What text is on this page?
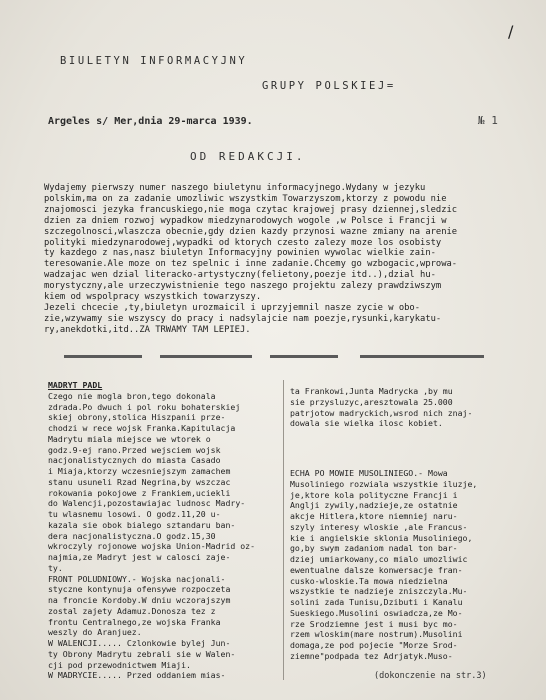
/
BIULETYN INFORMACYJNY
GRUPY POLSKIEJ=
Argeles s/ Mer,dnia 29-marca 1939.	№ 1
OD REDAKCJI.
Wydajemy pierwszy numer naszego biuletynu informacyjnego.Wydany w jezyku
polskim,ma on za zadanie umozliwic wszystkim Towarzyszom,ktorzy z powodu nie
znajomosci jezyka francuskiego,nie moga czytac krajowej prasy dziennej,sledzic
dzien za dniem rozwoj wypadkow miedzynarodowych wogole ,w Polsce i Francji w
szczegolnosci,wlaszcza obecnie,gdy dzien kazdy przynosi wazne zmiany na arenie
polityki miedzynarodowej,wypadki od ktorych czesto zalezy moze los osobisty
ty kazdego z nas,nasz biuletyn Informacyjny powinien wywolac wielkie zain-
teresowanie.Ale moze on tez spelnic i inne zadanie.Chcemy go wzbogacic,wprowa-
wadzajac wen dzial literacko-artystyczny(felietony,poezje itd..),dzial hu-
morystyczny,ale urzeczywistnienie tego naszego projektu zalezy prawdziwszym
kiem od wspolpracy wszystkich towarzyszy.
Jezeli chcecie ,ty,biuletyn urozmaicil i uprzyjemnil nasze zycie w obo-
zie,wzywamy sie wszyscy do pracy i nadsylajcie nam poezje,rysunki,karykatu-
ry,anekdotki,itd..ZA TRWAMY TAM LEPIEJ.
MADRYT PADL
Czego nie mogla bron,tego dokonala
zdrada.Po dwuch i pol roku bohaterskiej
skiej obrony,stolica Hiszpanii prze-
chodzi w rece wojsk Franka.Kapitulacja
Madrytu miala miejsce we wtorek o
godz.9-ej rano.Przed wejsciem wojsk
nacjonalistycznych do miasta Casado
i Miaja,ktorzy wczesniejszym zamachem
stanu usuneli Rzad Negrina,by wszczac
rokowania pokojowe z Frankiem,uciekli
do Walencji,pozostawiajac ludnosc Madry-
tu wlasnemu losowi. O godz.11,20 u-
kazala sie obok bialego sztandaru ban-
dera nacjonalistyczna.O godz.15,30
wkroczyly rojonowe wojska Union-Madrid oz-
najmia,ze Madryt jest w calosci zaje-
ty.
FRONT POLUDNIOWY.- Wojska nacjonali-
styczne kontynuja ofensywe rozpoczeta
na froncie Kordoby.W dniu wczorajszym
zostal zajety Adamuz.Donosza tez z
frontu Centralnego,ze wojska Franka
weszly do Aranjuez.
W WALENCJI..... Czlonkowie bylej Jun-
ty Obrony Madrytu zebrali sie w Walen-
cji pod przewodnictwem Miaji.
W MADRYCIE..... Przed oddaniem mias-
ta Frankowi,Junta Madrycka ,by mu
sie przysluzyc,aresztowala 25.000
patrjotow madryckich,wsrod nich znaj-
dowala sie wielka ilosc kobiet.
ECHA PO MOWIE MUSOLINIEGO.- Mowa
Musoliniego rozwiala wszystkie iluzje,
je,ktore kola polityczne Francji i
Anglji zywily,nadzieje,ze ostatnie
akcje Hitlera,ktore niemniej naru-
szyly interesy wloskie ,ale Francus-
kie i angielskie sklonia Musoliniego,
go,by swym zadaniom nadal ton bar-
dziej umiarkowany,co mialo umozliwic
ewentualne dalsze konwersacje fran-
cusko-wloskie.Ta mowa niedzielna
wszystkie te nadzieje zniszczyla.Mu-
solini zada Tunisu,Dzibuti i Kanalu
Sueskiego.Musolini oswiadcza,ze Mo-
rze Srodziemne jest i musi byc mo-
rzem wloskim(mare nostrum).Musolini
domaga,ze pod pojecie "Morze Srod-
ziemne"podpada tez Adrjatyk.Muso-
(dokonczenie na str.3)
